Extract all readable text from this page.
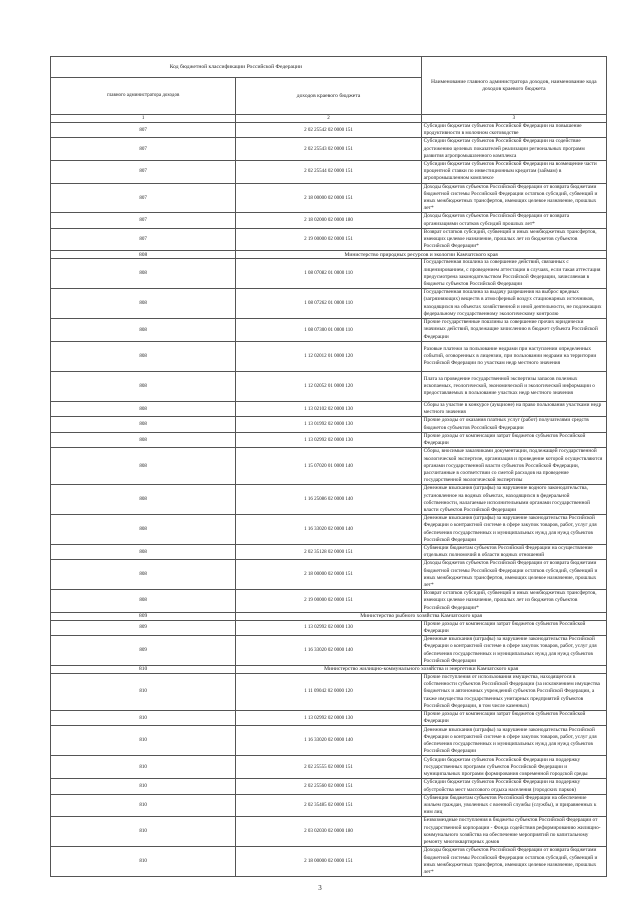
Код бюджетной классификации Российской Федерации		Наименование главного администратора доходов, наименование кода доходов краевого бюджета
главного администратора доходов	доходов краевого бюджета	
1	2	3
807	2 02 25542 02 0000 151	Субсидии бюджетам субъектов Российской Федерации на повышение продуктивности в молочном скотоводстве
807	2 02 25543 02 0000 151	Субсидии бюджетам субъектов Российской Федерации на содействие достижению целевых показателей реализации региональных программ развития агропромышленного комплекса
807	2 02 25544 02 0000 151	Субсидии бюджетам субъектов Российской Федерации на возмещение части процентной ставки по инвестиционным кредитам (займам) в агропромышленном комплексе
807	2 18 00000 02 0000 151	Доходы бюджетов субъектов Российской Федерации от возврата бюджетами бюджетной системы Российской Федерации остатков субсидий, субвенций и иных межбюджетных трансфертов, имеющих целевое назначение, прошлых лет*
807	2 18 02000 02 0000 180	Доходы бюджетов субъектов Российской Федерации от возврата организациями остатков субсидий прошлых лет*
807	2 19 00000 02 0000 151	Возврат остатков субсидий, субвенций и иных межбюджетных трансфертов, имеющих целевое назначение, прошлых лет из бюджетов субъектов Российской Федерации*
808	Министерство природных ресурсов и экологии Камчатского края	
808	1 08 07082 01 0000 110	Государственная пошлина за совершение действий, связанных с лицензированием, с проведением аттестации в случаях, если такая аттестация предусмотрена законодательством Российской Федерации, зачисляемая в бюджеты субъектов Российской Федерации
808	1 08 07262 01 0000 110	Государственная пошлина за выдачу разрешения на выброс вредных (загрязняющих) веществ в атмосферный воздух стационарных источников, находящихся на объектах хозяйственной и иной деятельности, не подлежащих федеральному государственному экологическому контролю
808	1 08 07300 01 0000 110	Прочие государственные пошлины за совершение прочих юридически значимых действий, подлежащие зачислению в бюджет субъекта Российской Федерации
808	1 12 02012 01 0000 120	Разовые платежи за пользование недрами при наступлении определенных событий, оговоренных в лицензии, при пользовании недрами на территории Российской Федерации по участкам недр местного значения
808	1 12 02052 01 0000 120	Плата за проведение государственной экспертизы запасов полезных ископаемых, геологической, экономической и экологической информации о предоставляемых в пользование участках недр местного значения
808	1 13 02102 02 0000 130	Сборы за участие в конкурсе (аукционе) на право пользования участками недр местного значения
808	1 13 01992 02 0000 130	Прочие доходы от оказания платных услуг (работ) получателями средств бюджетов субъектов Российской Федерации
808	1 13 02992 02 0000 130	Прочие доходы от компенсации затрат бюджетов субъектов Российской Федерации
808	1 15 07020 01 0000 140	Сборы, вносимые заказчиками документации, подлежащей государственной экологической экспертизе, организация и проведение которой осуществляются органами государственной власти субъектов Российской Федерации, рассчитанные в соответствии со сметой расходов на проведение государственной экологической экспертизы
808	1 16 25086 02 0000 140	Денежные взыскания (штрафы) за нарушение водного законодательства, установленное на водных объектах, находящихся в федеральной собственности, налагаемые исполнительными органами государственной власти субъектов Российской Федерации
808	1 16 33020 02 0000 140	Денежные взыскания (штрафы) за нарушение законодательства Российской Федерации о контрактной системе в сфере закупок товаров, работ, услуг для обеспечения государственных и муниципальных нужд для нужд субъектов Российской Федерации
808	2 02 35128 02 0000 151	Субвенции бюджетам субъектов Российской Федерации на осуществление отдельных полномочий в области водных отношений
808	2 18 00000 02 0000 151	Доходы бюджетов субъектов Российской Федерации от возврата бюджетами бюджетной системы Российской Федерации остатков субсидий, субвенций и иных межбюджетных трансфертов, имеющих целевое назначение, прошлых лет*
808	2 19 00000 02 0000 151	Возврат остатков субсидий, субвенций и иных межбюджетных трансфертов, имеющих целевое назначение, прошлых лет из бюджетов субъектов Российской Федерации*
809	Министерство рыбного хозяйства Камчатского края	
809	1 13 02992 02 0000 130	Прочие доходы от компенсации затрат бюджетов субъектов Российской Федерации
809	1 16 33020 02 0000 140	Денежные взыскания (штрафы) за нарушение законодательства Российской Федерации о контрактной системе в сфере закупок товаров, работ, услуг для обеспечения государственных и муниципальных нужд для нужд субъектов Российской Федерации
810	Министерство жилищно-коммунального хозяйства и энергетики Камчатского края	
810	1 11 09042 02 0000 120	Прочие поступления от использования имущества, находящегося в собственности субъектов Российской Федерации (за исключением имущества бюджетных и автономных учреждений субъектов Российской Федерации, а также имущества государственных унитарных предприятий субъектов Российской Федерации, в том числе казенных)
810	1 13 02992 02 0000 130	Прочие доходы от компенсации затрат бюджетов субъектов Российской Федерации
810	1 16 33020 02 0000 140	Денежные взыскания (штрафы) за нарушение законодательства Российской Федерации о контрактной системе в сфере закупок товаров, работ, услуг для обеспечения государственных и муниципальных нужд для нужд субъектов Российской Федерации
810	2 02 25555 02 0000 151	Субсидии бюджетам субъектов Российской Федерации на поддержку государственных программ субъектов Российской Федерации и муниципальных программ формирования современной городской среды
810	2 02 25560 02 0000 151	Субсидии бюджетам субъектов Российской Федерации на поддержку обустройства мест массового отдыха населения (городских парков)
810	2 02 35485 02 0000 151	Субвенции бюджетам субъектов Российской Федерации на обеспечение жильем граждан, уволенных с военной службы (службы), и приравненных к ним лиц
810	2 03 02030 02 0000 180	Безвозмездные поступления в бюджеты субъектов Российской Федерации от государственной корпорации - Фонда содействия реформированию жилищно-коммунального хозяйства на обеспечение мероприятий по капитальному ремонту многоквартирных домов
810	2 18 00000 02 0000 151	Доходы бюджетов субъектов Российской Федерации от возврата бюджетами бюджетной системы Российской Федерации остатков субсидий, субвенций и иных межбюджетных трансфертов, имеющих целевое назначение, прошлых лет*
3
